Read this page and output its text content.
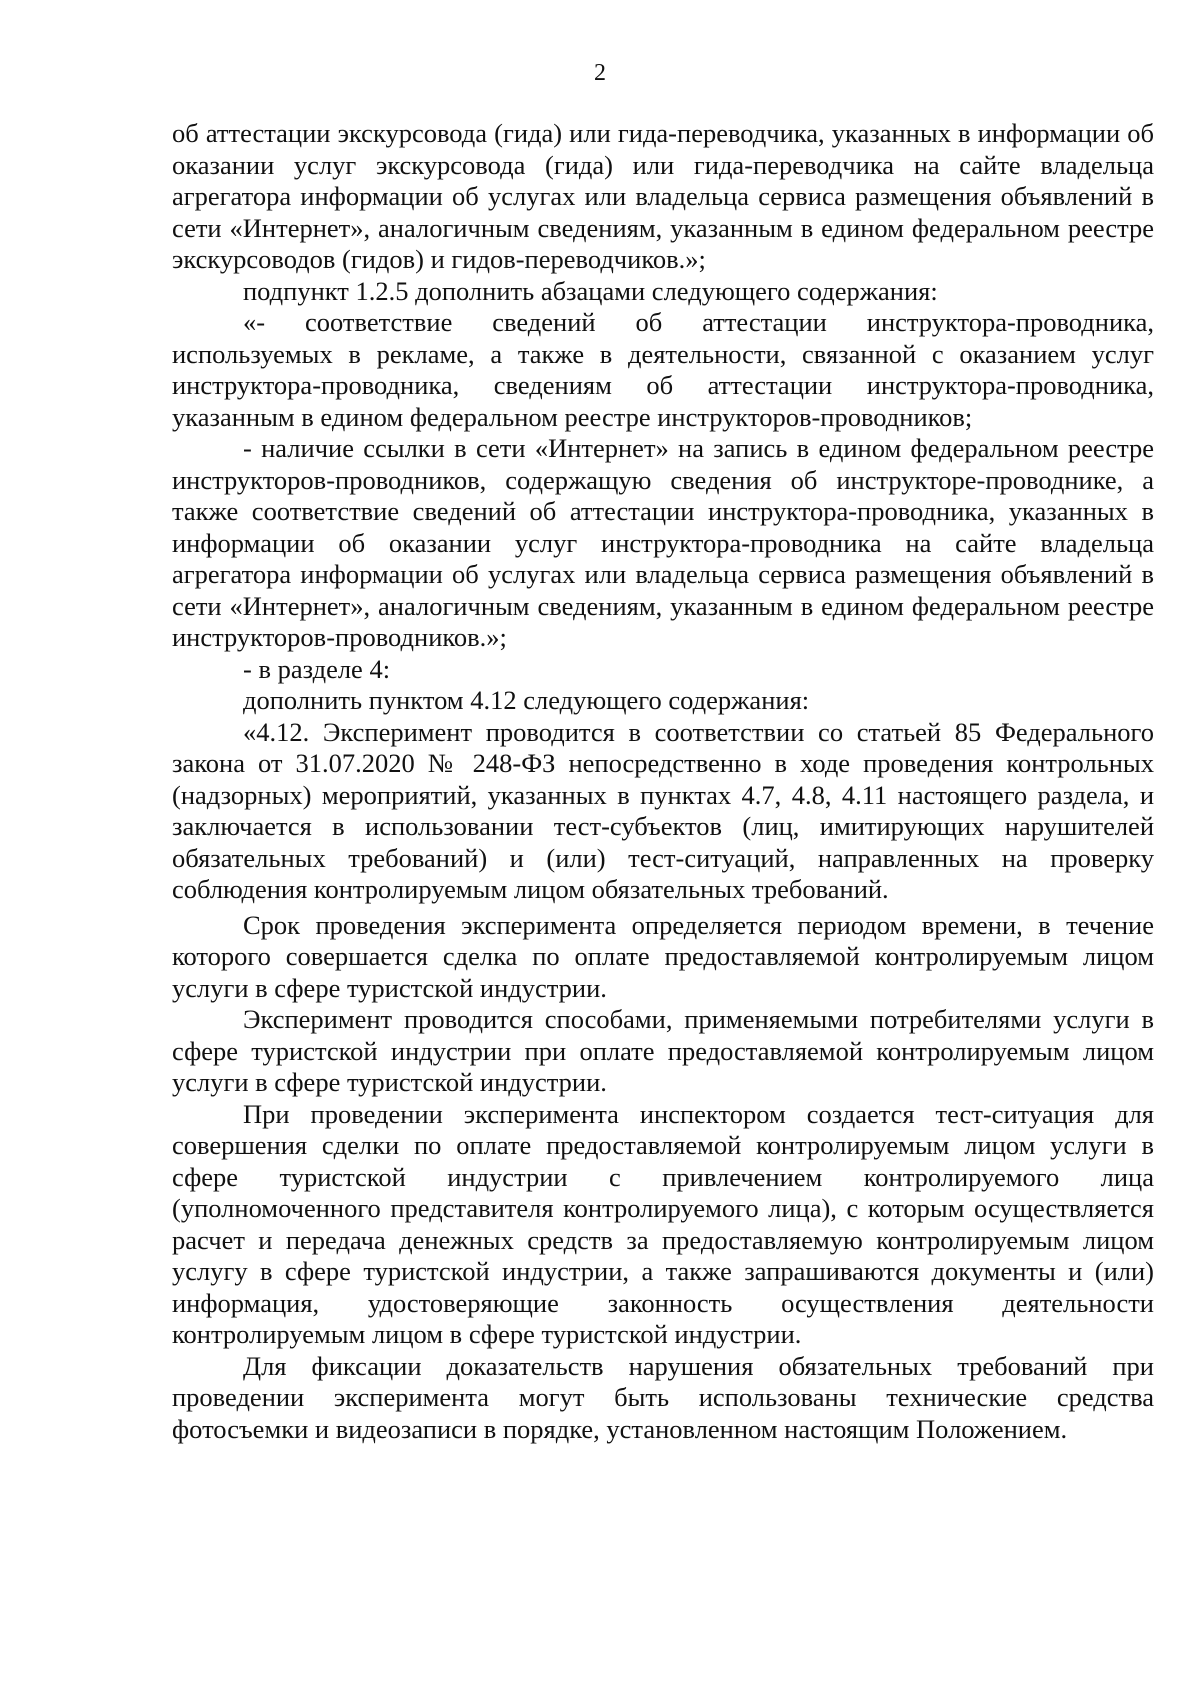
2

об аттестации экскурсовода (гида) или гида-переводчика, указанных в информации об оказании услуг экскурсовода (гида) или гида-переводчика на сайте владельца агрегатора информации об услугах или владельца сервиса размещения объявлений в сети «Интернет», аналогичным сведениям, указанным в едином федеральном реестре экскурсоводов (гидов) и гидов-переводчиков.»;

подпункт 1.2.5 дополнить абзацами следующего содержания:

«- соответствие сведений об аттестации инструктора-проводника, используемых в рекламе, а также в деятельности, связанной с оказанием услуг инструктора-проводника, сведениям об аттестации инструктора-проводника, указанным в едином федеральном реестре инструкторов-проводников;

- наличие ссылки в сети «Интернет» на запись в едином федеральном реестре инструкторов-проводников, содержащую сведения об инструкторе-проводнике, а также соответствие сведений об аттестации инструктора-проводника, указанных в информации об оказании услуг инструктора-проводника на сайте владельца агрегатора информации об услугах или владельца сервиса размещения объявлений в сети «Интернет», аналогичным сведениям, указанным в едином федеральном реестре инструкторов-проводников.»;

- в разделе 4:

дополнить пунктом 4.12 следующего содержания:

«4.12. Эксперимент проводится в соответствии со статьей 85 Федерального закона от 31.07.2020 № 248-ФЗ непосредственно в ходе проведения контрольных (надзорных) мероприятий, указанных в пунктах 4.7, 4.8, 4.11 настоящего раздела, и заключается в использовании тест-субъектов (лиц, имитирующих нарушителей обязательных требований) и (или) тест-ситуаций, направленных на проверку соблюдения контролируемым лицом обязательных требований.

Срок проведения эксперимента определяется периодом времени, в течение которого совершается сделка по оплате предоставляемой контролируемым лицом услуги в сфере туристской индустрии.

Эксперимент проводится способами, применяемыми потребителями услуги в сфере туристской индустрии при оплате предоставляемой контролируемым лицом услуги в сфере туристской индустрии.

При проведении эксперимента инспектором создается тест-ситуация для совершения сделки по оплате предоставляемой контролируемым лицом услуги в сфере туристской индустрии с привлечением контролируемого лица (уполномоченного представителя контролируемого лица), с которым осуществляется расчет и передача денежных средств за предоставляемую контролируемым лицом услугу в сфере туристской индустрии, а также запрашиваются документы и (или) информация, удостоверяющие законность осуществления деятельности контролируемым лицом в сфере туристской индустрии.

Для фиксации доказательств нарушения обязательных требований при проведении эксперимента могут быть использованы технические средства фотосъемки и видеозаписи в порядке, установленном настоящим Положением.
